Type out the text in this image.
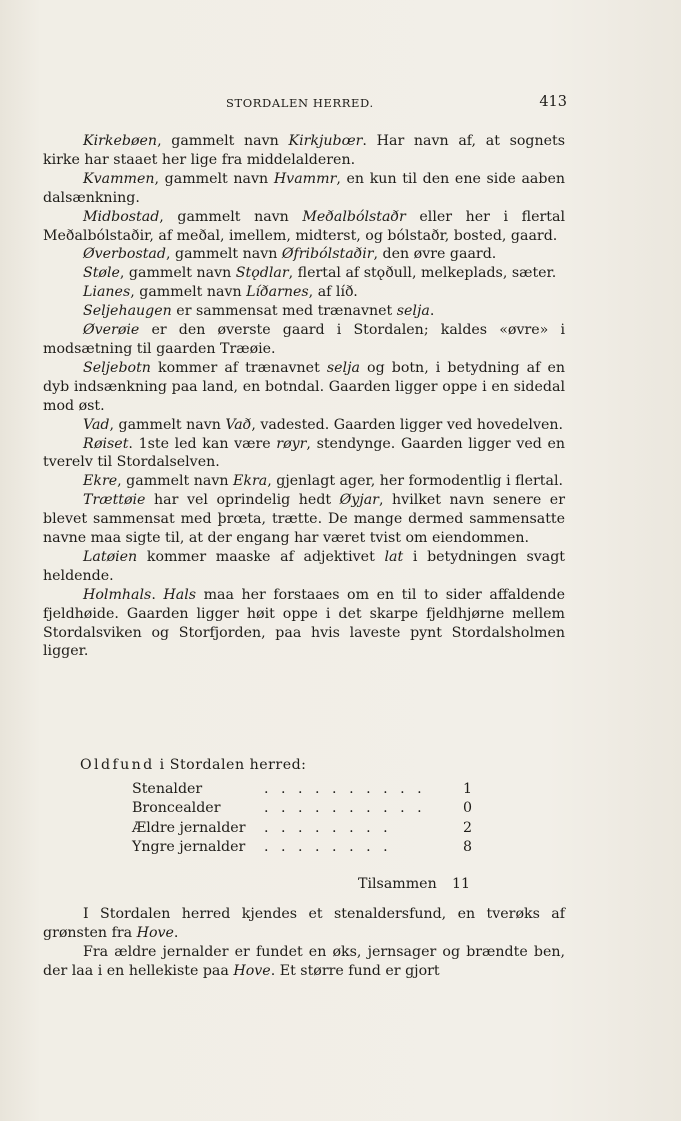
STORDALEN HERRED.	413

Kirkebøen, gammelt navn Kirkjubœr. Har navn af, at sognets kirke har staaet her lige fra middelalderen.

Kvammen, gammelt navn Hvammr, en kun til den ene side aaben dalsænkning.

Midbostad, gammelt navn Meðalbólstaðr eller her i flertal Meðalbólstaðir, af meðal, imellem, midterst, og bólstaðr, bosted, gaard.

Øverbostad, gammelt navn Øfribólstaðir, den øvre gaard.

Støle, gammelt navn Stǫdlar, flertal af stǫðull, melkeplads, sæter.

Lianes, gammelt navn Líðarnes, af líð.

Seljehaugen er sammensat med trænavnet selja.

Øverøie er den øverste gaard i Stordalen; kaldes «øvre» i modsætning til gaarden Træøie.

Seljebotn kommer af trænavnet selja og botn, i betydning af en dyb indsænkning paa land, en botndal. Gaarden ligger oppe i en sidedal mod øst.

Vad, gammelt navn Vað, vadested. Gaarden ligger ved hovedelven.

Røiset. 1ste led kan være røyr, stendynge. Gaarden ligger ved en tverelv til Stordalselven.

Ekre, gammelt navn Ekra, gjenlagt ager, her formodentlig i flertal.

Trættøie har vel oprindelig hedt Øyjar, hvilket navn senere er blevet sammensat med þrœta, trætte. De mange dermed sammensatte navne maa sigte til, at der engang har været tvist om eiendommen.

Latøien kommer maaske af adjektivet lat i betydningen svagt heldende.

Holmhals. Hals maa her forstaaes om en til to sider affaldende fjeldhøide. Gaarden ligger høit oppe i det skarpe fjeldhjørne mellem Stordalsviken og Storfjorden, paa hvis laveste pynt Stordalsholmen ligger.

Oldfund i Stordalen herred:
Stenalder	. . . . . . . . . .	1
Broncealder	. . . . . . . . . .	0
Ældre jernalder	. . . . . . . .	2
Yngre jernalder	. . . . . . . .	8
Tilsammen 11

I Stordalen herred kjendes et stenaldersfund, en tverøks af grønsten fra Hove.

Fra ældre jernalder er fundet en øks, jernsager og brændte ben, der laa i en hellekiste paa Hove. Et større fund er gjort
